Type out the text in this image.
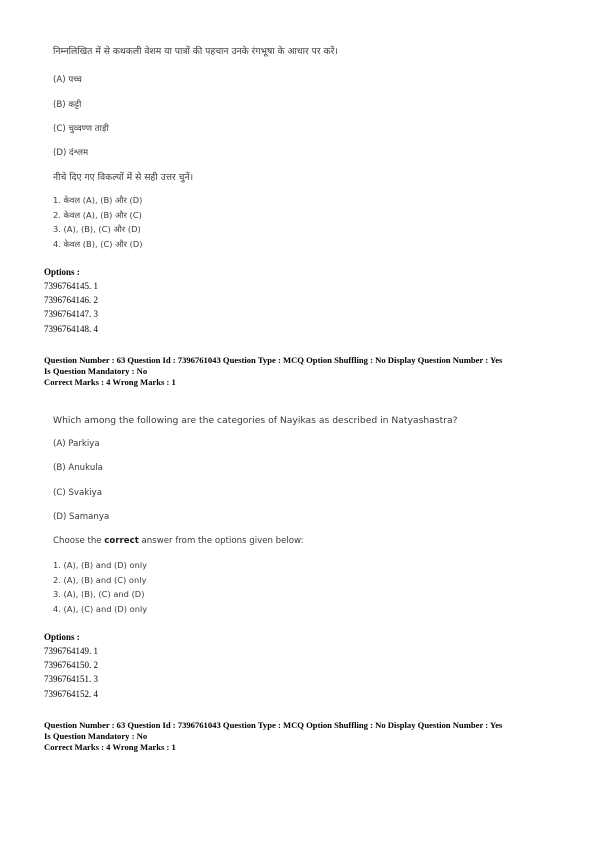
निम्नलिखित में से कथकली वेशम या पात्रों की पहचान उनके रंगभूषा के आधार पर करें।
(A) पच्च
(B) कट्टी
(C) चुव्वण्ण ताड़ी
(D) दंश्लम
नीचे दिए गए विकल्पों में से सही उत्तर चुनें।
1. केवल (A), (B) और (D)
2. केवल (A), (B) और (C)
3. (A), (B), (C) और (D)
4. केवल (B), (C) और (D)
Options :
7396764145. 1
7396764146. 2
7396764147. 3
7396764148. 4
Question Number : 63 Question Id : 7396761043 Question Type : MCQ Option Shuffling : No Display Question Number : Yes
Is Question Mandatory : No
Correct Marks : 4 Wrong Marks : 1
Which among the following are the categories of Nayikas as described in Natyashastra?
(A) Parkiya
(B) Anukula
(C) Svakiya
(D) Samanya
Choose the correct answer from the options given below:
1. (A), (B) and (D) only
2. (A), (B) and (C) only
3. (A), (B), (C) and (D)
4. (A), (C) and (D) only
Options :
7396764149. 1
7396764150. 2
7396764151. 3
7396764152. 4
Question Number : 63 Question Id : 7396761043 Question Type : MCQ Option Shuffling : No Display Question Number : Yes
Is Question Mandatory : No
Correct Marks : 4 Wrong Marks : 1
